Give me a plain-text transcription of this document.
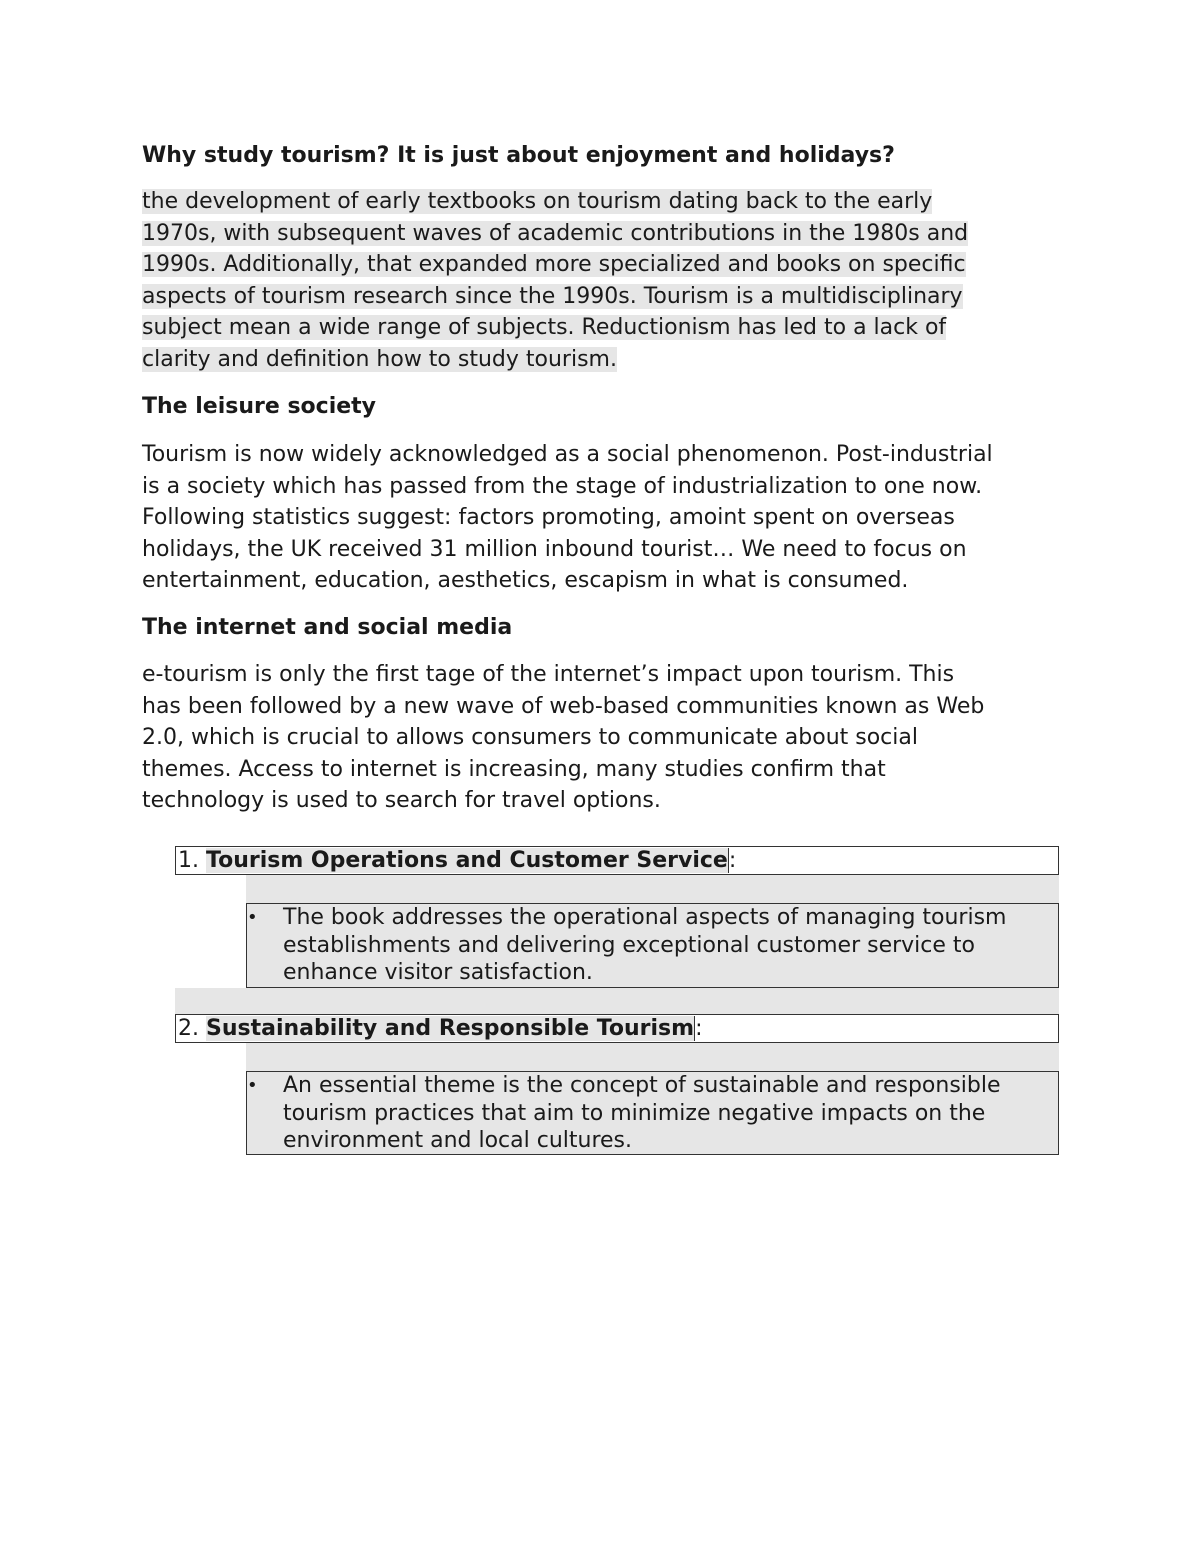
Why study tourism? It is just about enjoyment and holidays?
the development of early textbooks on tourism dating back to the early
1970s, with subsequent waves of academic contributions in the 1980s and
1990s. Additionally, that expanded more specialized and books on specific
aspects of tourism research since the 1990s. Tourism is a multidisciplinary
subject mean a wide range of subjects. Reductionism has led to a lack of
clarity and definition how to study tourism.
The leisure society
Tourism is now widely acknowledged as a social phenomenon. Post-industrial
is a society which has passed from the stage of industrialization to one now.
Following statistics suggest: factors promoting, amoint spent on overseas
holidays, the UK received 31 million inbound tourist… We need to focus on
entertainment, education, aesthetics, escapism in what is consumed.
The internet and social media
e-tourism is only the first tage of the internet’s impact upon tourism. This
has been followed by a new wave of web-based communities known as Web
2.0, which is crucial to allows consumers to communicate about social
themes. Access to internet is increasing, many studies confirm that
technology is used to search for travel options.
1. Tourism Operations and Customer Service:
• The book addresses the operational aspects of managing tourism
establishments and delivering exceptional customer service to
enhance visitor satisfaction.
2. Sustainability and Responsible Tourism:
• An essential theme is the concept of sustainable and responsible
tourism practices that aim to minimize negative impacts on the
environment and local cultures.
